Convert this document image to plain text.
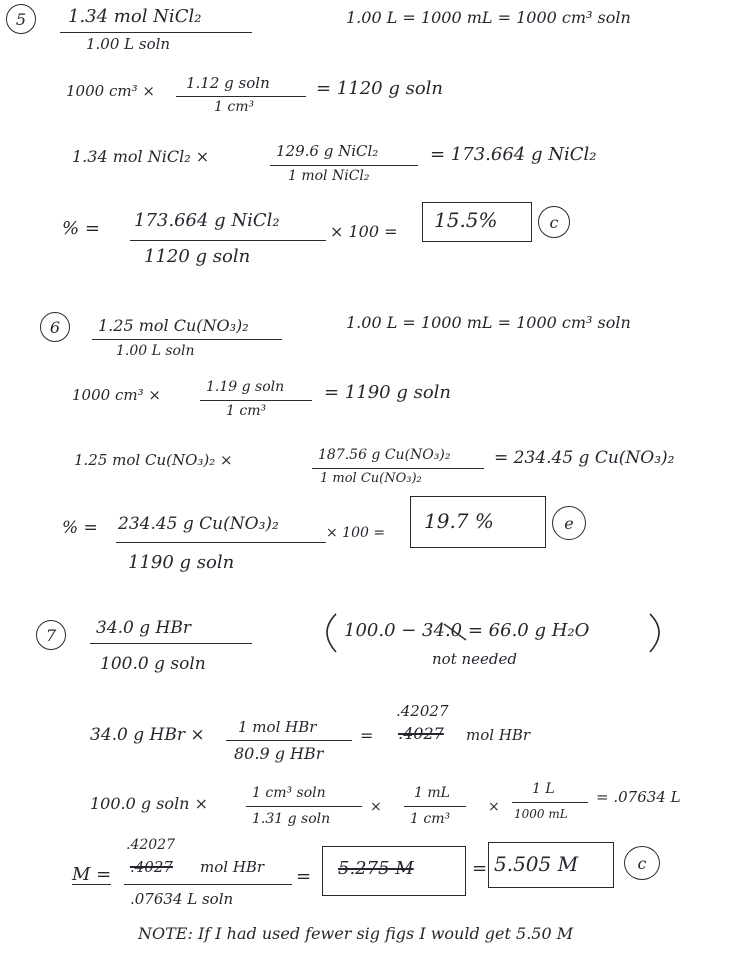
5 1.34 mol NiCl₂
1.00 L soln
1.00 L = 1000 mL = 1000 cm³ soln
1000 cm³ × 1.12 g soln
1 cm³
= 1120 g soln
1.34 mol NiCl₂ ×	129.6 g NiCl₂
1 mol NiCl₂
= 173.664 g NiCl₂
% = 173.664 g NiCl₂
1120 g soln
× 100 = 15.5%	c
6 1.25 mol Cu(NO₃)₂
1.00 L soln
1.00 L = 1000 mL = 1000 cm³ soln
1000 cm³ ×	1.19 g soln
1 cm³
= 1190 g soln
1.25 mol Cu(NO₃)₂ ×	187.56 g Cu(NO₃)₂
1 mol Cu(NO₃)₂
= 234.45 g Cu(NO₃)₂
% = 234.45 g Cu(NO₃)₂
1190 g soln
× 100 = 19.7 %	e
7 34.0 g HBr
100.0 g soln
100.0 − 34.0 = 66.0 g H₂O
not needed
34.0 g HBr × 1 mol HBr
80.9 g HBr
=
.42027
.4027 mol HBr
100.0 g soln ×
1 cm³ soln
1.31 g soln
×
1 mL
1 cm³
×
1 L
1000 mL
= .07634 L
M =
.42027
.4027 mol HBr
.07634 L soln
= 5.275 M	= 5.505 M	c
NOTE: If I had used fewer sig figs I would get 5.50 M
